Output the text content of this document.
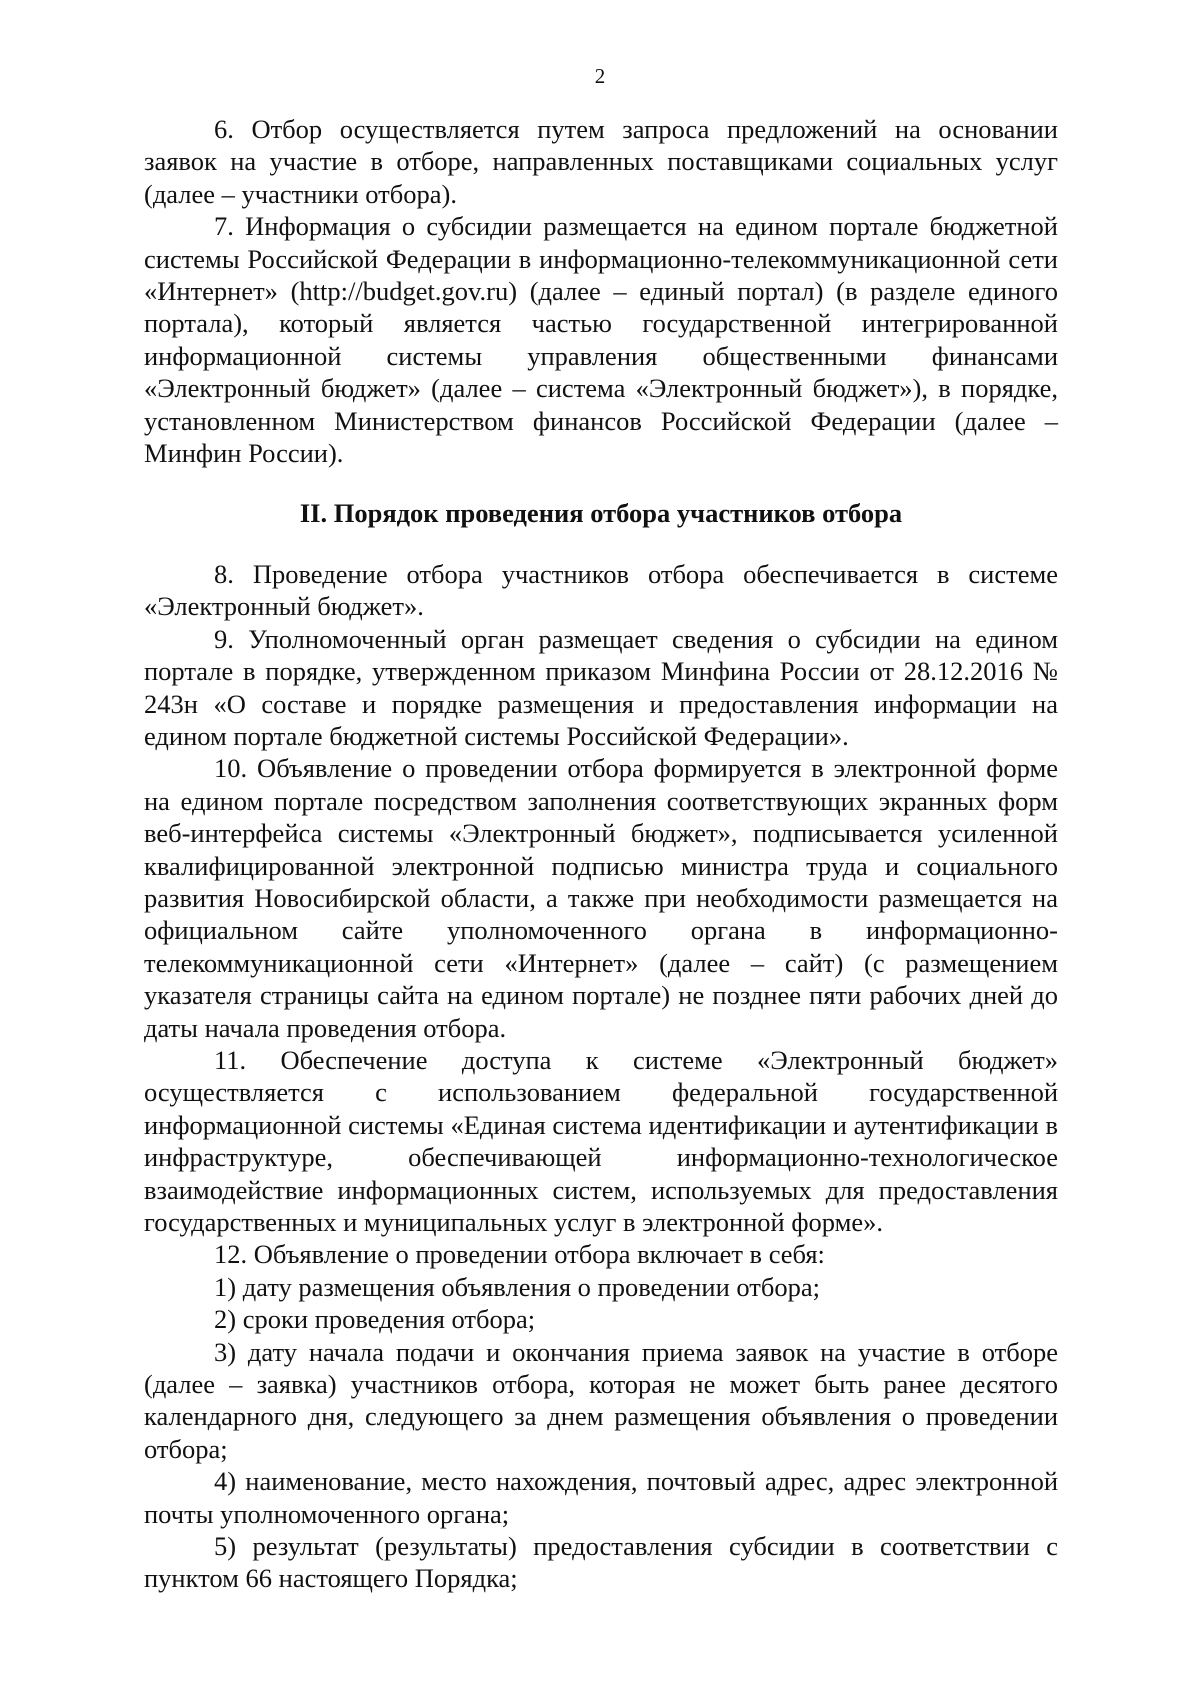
2

6. Отбор осуществляется путем запроса предложений на основании заявок на участие в отборе, направленных поставщиками социальных услуг (далее – участники отбора).

7. Информация о субсидии размещается на едином портале бюджетной системы Российской Федерации в информационно-телекоммуникационной сети «Интернет» (http://budget.gov.ru) (далее – единый портал) (в разделе единого портала), который является частью государственной интегрированной информационной системы управления общественными финансами «Электронный бюджет» (далее – система «Электронный бюджет»), в порядке, установленном Министерством финансов Российской Федерации (далее – Минфин России).

II. Порядок проведения отбора участников отбора

8. Проведение отбора участников отбора обеспечивается в системе «Электронный бюджет».

9. Уполномоченный орган размещает сведения о субсидии на едином портале в порядке, утвержденном приказом Минфина России от 28.12.2016 № 243н «О составе и порядке размещения и предоставления информации на едином портале бюджетной системы Российской Федерации».

10. Объявление о проведении отбора формируется в электронной форме на едином портале посредством заполнения соответствующих экранных форм веб-интерфейса системы «Электронный бюджет», подписывается усиленной квалифицированной электронной подписью министра труда и социального развития Новосибирской области, а также при необходимости размещается на официальном сайте уполномоченного органа в информационно-телекоммуникационной сети «Интернет» (далее – сайт) (с размещением указателя страницы сайта на едином портале) не позднее пяти рабочих дней до даты начала проведения отбора.

11. Обеспечение доступа к системе «Электронный бюджет» осуществляется с использованием федеральной государственной информационной системы «Единая система идентификации и аутентификации в инфраструктуре, обеспечивающей информационно-технологическое взаимодействие информационных систем, используемых для предоставления государственных и муниципальных услуг в электронной форме».

12. Объявление о проведении отбора включает в себя:

1) дату размещения объявления о проведении отбора;

2) сроки проведения отбора;

3) дату начала подачи и окончания приема заявок на участие в отборе (далее – заявка) участников отбора, которая не может быть ранее десятого календарного дня, следующего за днем размещения объявления о проведении отбора;

4) наименование, место нахождения, почтовый адрес, адрес электронной почты уполномоченного органа;

5) результат (результаты) предоставления субсидии в соответствии с пунктом 66 настоящего Порядка;
